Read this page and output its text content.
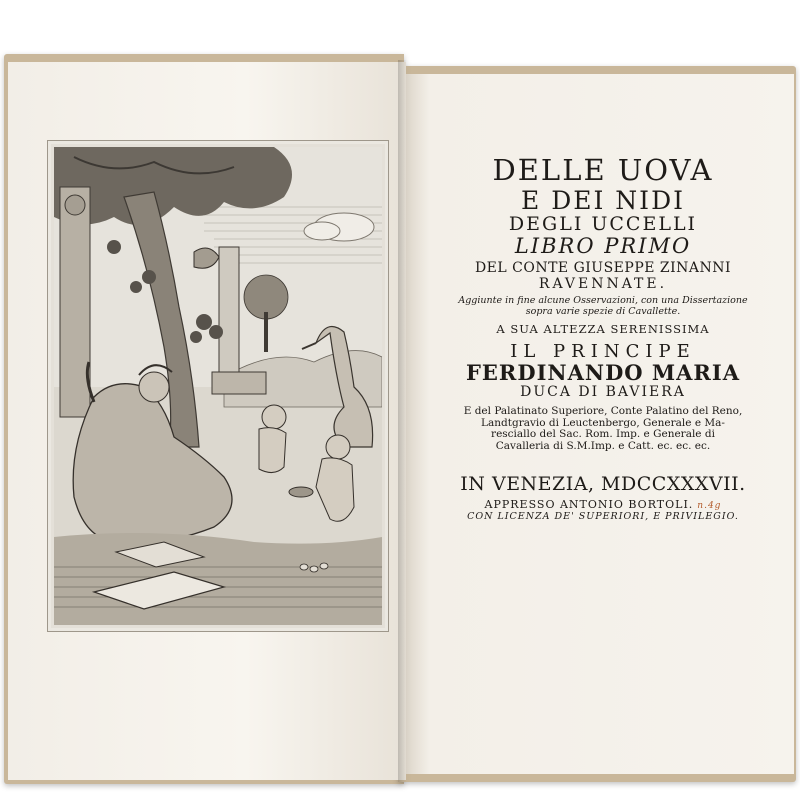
DELLE UOVA
E DEI NIDI
DEGLI UCCELLI
LIBRO PRIMO
DEL CONTE GIUSEPPE ZINANNI
RAVENNATE.
Aggiunte in fine alcune Osservazioni, con una Dissertazione
sopra varie spezie di Cavallette.
A SUA ALTEZZA SERENISSIMA
IL PRINCIPE
FERDINANDO MARIA
DUCA DI BAVIERA
E del Palatinato Superiore, Conte Palatino del Reno,
Landtgravio di Leuctenbergo, Generale e Ma-
resciallo del Sac. Rom. Imp. e Generale di
Cavalleria di S.M.Imp. e Catt. ec. ec. ec.
IN VENEZIA, MDCCXXXVII.
APPRESSO ANTONIO BORTOLI. n.4g
CON LICENZA DE' SUPERIORI, E PRIVILEGIO.
